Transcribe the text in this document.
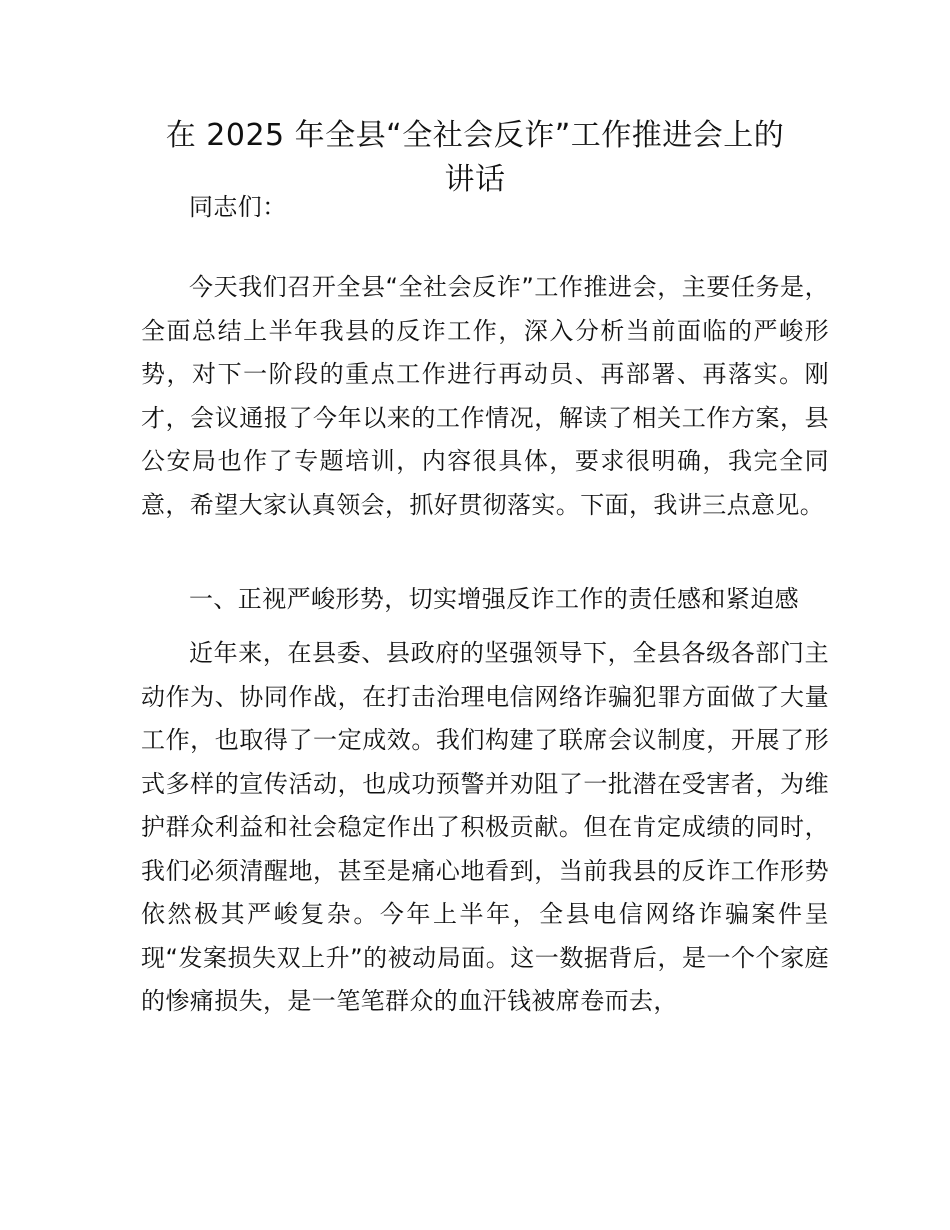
在 2025 年全县“全社会反诈”工作推进会上的
讲话

同志们：

今天我们召开全县“全社会反诈”工作推进会，主要任务是，全面总结上半年我县的反诈工作，深入分析当前面临的严峻形势，对下一阶段的重点工作进行再动员、再部署、再落实。刚才，会议通报了今年以来的工作情况，解读了相关工作方案，县公安局也作了专题培训，内容很具体，要求很明确，我完全同意，希望大家认真领会，抓好贯彻落实。下面，我讲三点意见。

一、正视严峻形势，切实增强反诈工作的责任感和紧迫感

近年来，在县委、县政府的坚强领导下，全县各级各部门主动作为、协同作战，在打击治理电信网络诈骗犯罪方面做了大量工作，也取得了一定成效。我们构建了联席会议制度，开展了形式多样的宣传活动，也成功预警并劝阻了一批潜在受害者，为维护群众利益和社会稳定作出了积极贡献。但在肯定成绩的同时，我们必须清醒地，甚至是痛心地看到，当前我县的反诈工作形势依然极其严峻复杂。今年上半年，全县电信网络诈骗案件呈现“发案损失双上升”的被动局面。这一数据背后，是一个个家庭的惨痛损失，是一笔笔群众的血汗钱被席卷而去，
